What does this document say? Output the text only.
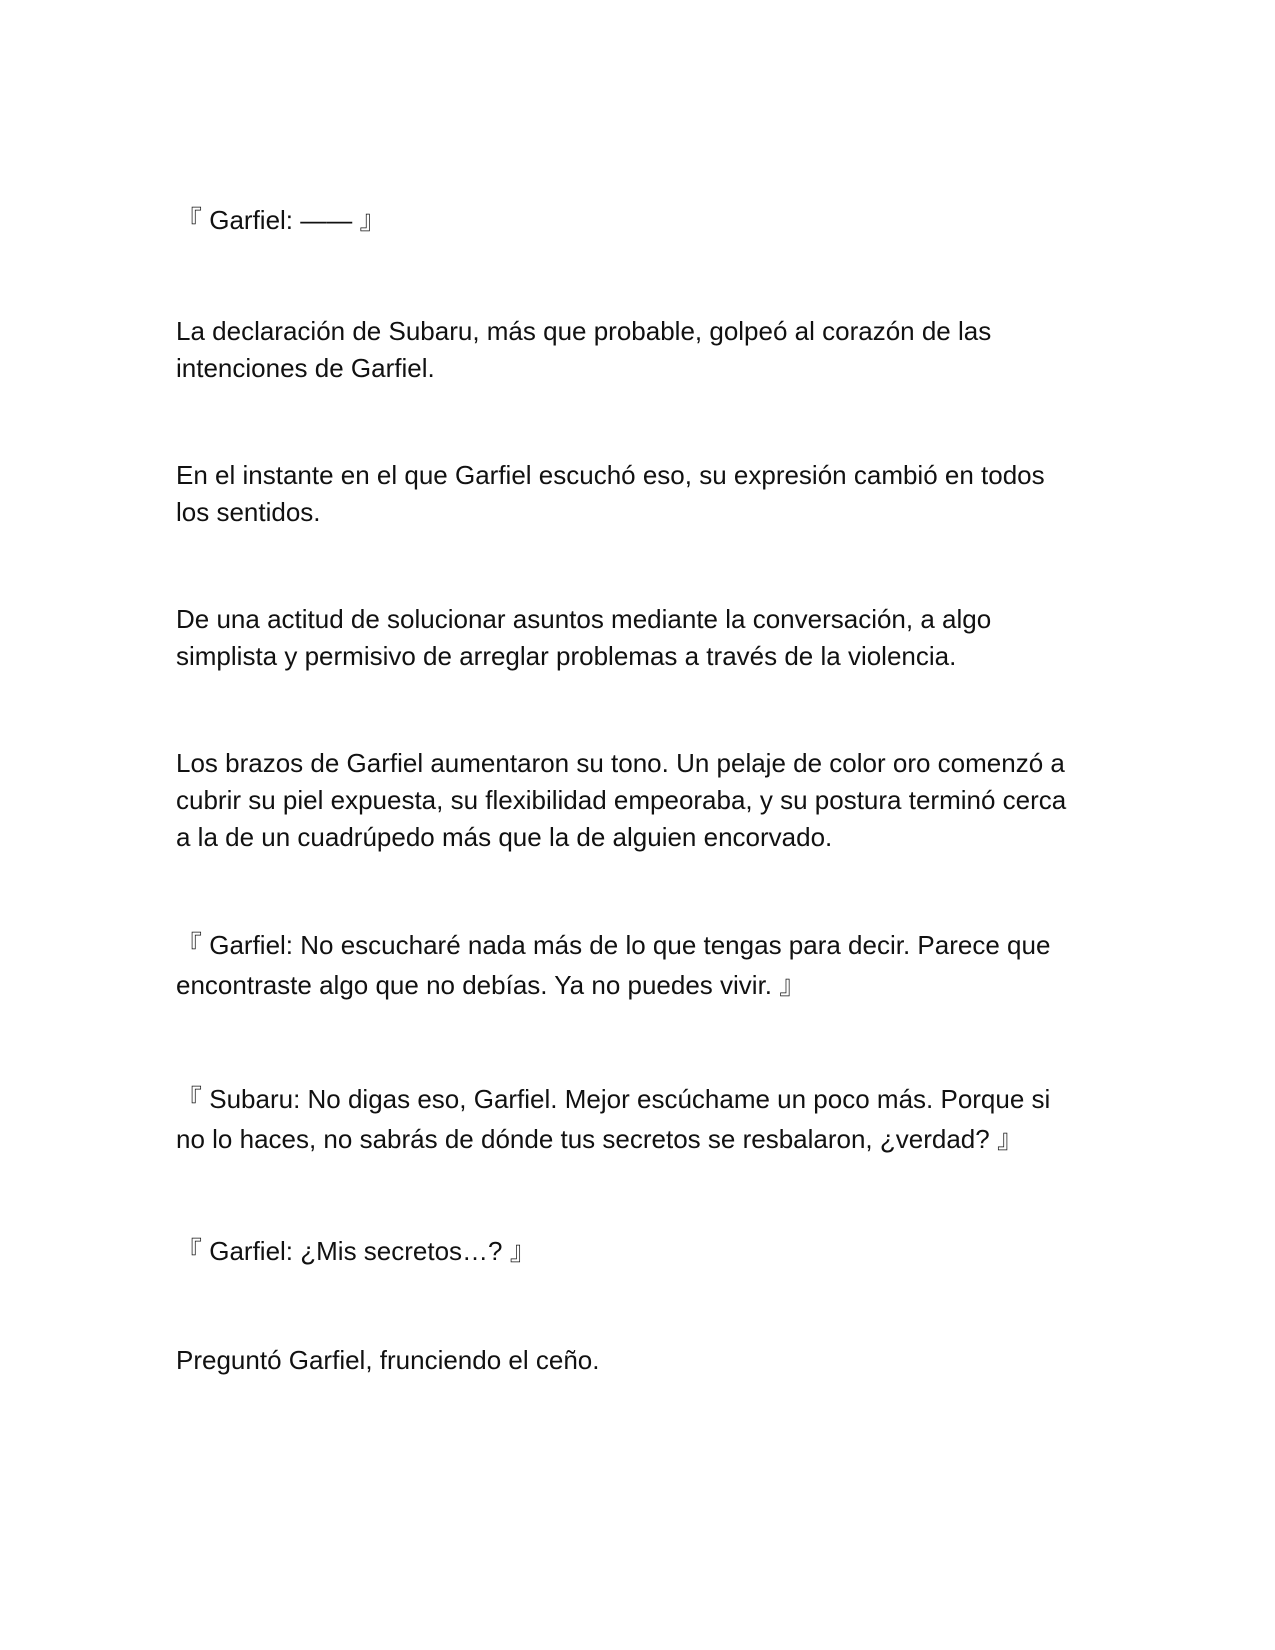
『 Garfiel: —— 』
La declaración de Subaru, más que probable, golpeó al corazón de las
intenciones de Garfiel.
En el instante en el que Garfiel escuchó eso, su expresión cambió en todos
los sentidos.
De una actitud de solucionar asuntos mediante la conversación, a algo
simplista y permisivo de arreglar problemas a través de la violencia.
Los brazos de Garfiel aumentaron su tono. Un pelaje de color oro comenzó a
cubrir su piel expuesta, su flexibilidad empeoraba, y su postura terminó cerca
a la de un cuadrúpedo más que la de alguien encorvado.
『 Garfiel: No escucharé nada más de lo que tengas para decir. Parece que
encontraste algo que no debías. Ya no puedes vivir. 』
『 Subaru: No digas eso, Garfiel. Mejor escúchame un poco más. Porque si
no lo haces, no sabrás de dónde tus secretos se resbalaron, ¿verdad? 』
『 Garfiel: ¿Mis secretos…? 』
Preguntó Garfiel, frunciendo el ceño.
